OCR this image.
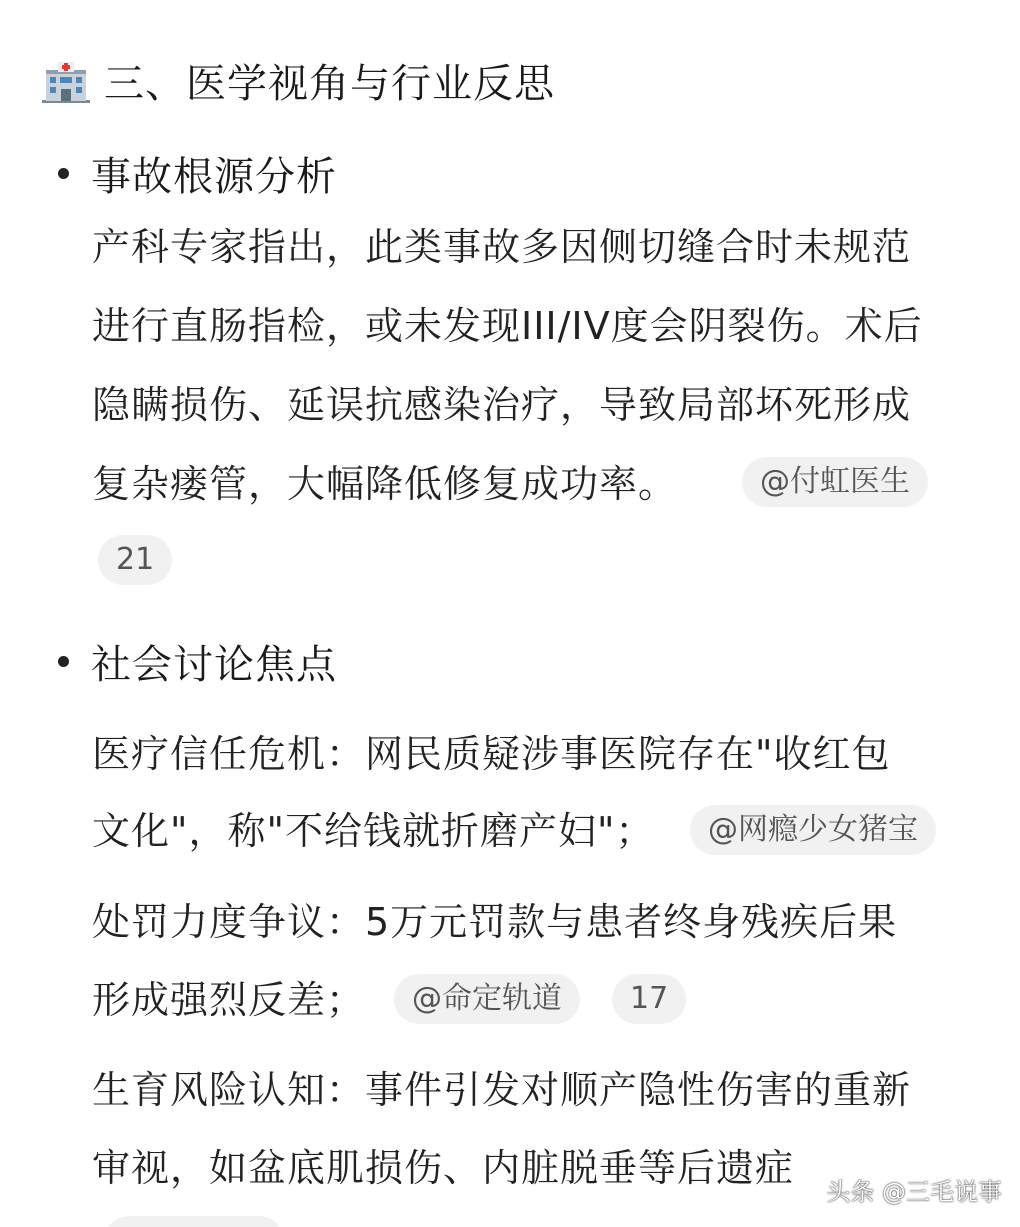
三、医学视角与行业反思
事故根源分析
产科专家指出，此类事故多因侧切缝合时未规范
进行直肠指检，或未发现III/IV度会阴裂伤。术后
隐瞒损伤、延误抗感染治疗，导致局部坏死形成
复杂瘘管，大幅降低修复成功率。	@付虹医生
21
社会讨论焦点
医疗信任危机：网民质疑涉事医院存在"收红包
文化"，称"不给钱就折磨产妇"；	@网瘾少女猪宝
处罚力度争议：5万元罚款与患者终身残疾后果
形成强烈反差；	@命定轨道	17
生育风险认知：事件引发对顺产隐性伤害的重新
审视，如盆底肌损伤、内脏脱垂等后遗症
头条 @三毛说事
